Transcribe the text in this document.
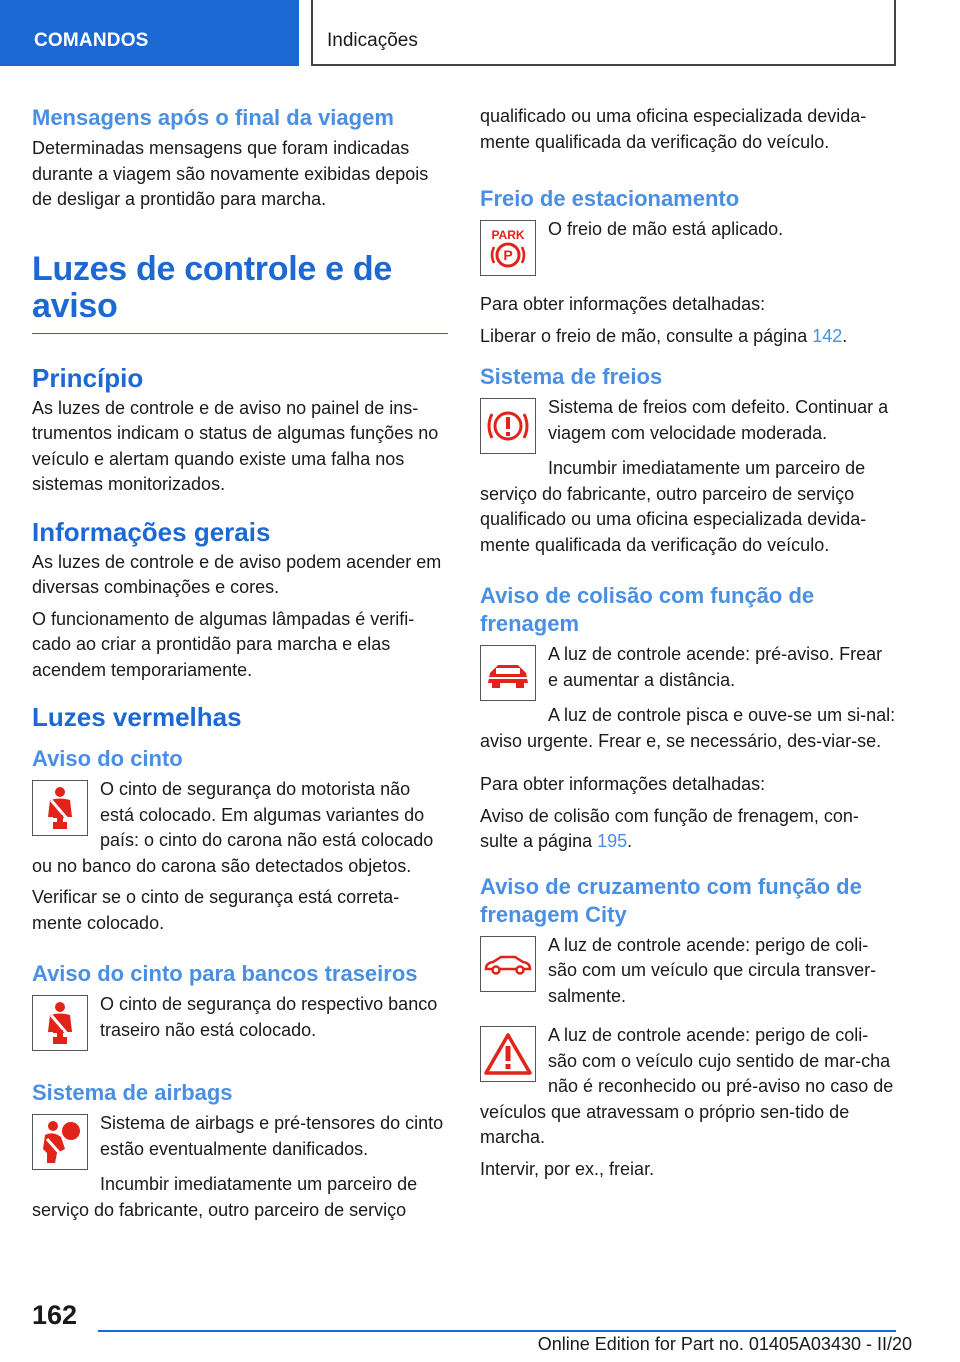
COMANDOS	Indicações
Mensagens após o final da viagem

Determinadas mensagens que foram indicadas durante a viagem são novamente exibidas depois de desligar a prontidão para marcha.

Luzes de controle e de aviso
Princípio

As luzes de controle e de aviso no painel de ins-trumentos indicam o status de algumas funções no veículo e alertam quando existe uma falha nos sistemas monitorizados.

Informações gerais

As luzes de controle e de aviso podem acender em diversas combinações e cores.

O funcionamento de algumas lâmpadas é verifi-cado ao criar a prontidão para marcha e elas acendem temporariamente.

Luzes vermelhas
Aviso do cinto

O cinto de segurança do motorista não está colocado. Em algumas variantes do país: o cinto do carona não está colocado ou no banco do carona são detectados objetos.

Verificar se o cinto de segurança está correta-mente colocado.

Aviso do cinto para bancos traseiros

O cinto de segurança do respectivo banco traseiro não está colocado.

Sistema de airbags

Sistema de airbags e pré-tensores do cinto estão eventualmente danificados.

Incumbir imediatamente um parceiro de serviço do fabricante, outro parceiro de serviço

qualificado ou uma oficina especializada devida-mente qualificada da verificação do veículo.

Freio de estacionamento
PARK
P

O freio de mão está aplicado.

Para obter informações detalhadas:

Liberar o freio de mão, consulte a página 142.

Sistema de freios

Sistema de freios com defeito. Continuar a viagem com velocidade moderada.

Incumbir imediatamente um parceiro de serviço do fabricante, outro parceiro de serviço qualificado ou uma oficina especializada devida-mente qualificada da verificação do veículo.

Aviso de colisão com função de frenagem

A luz de controle acende: pré-aviso. Frear e aumentar a distância.

A luz de controle pisca e ouve-se um si-nal: aviso urgente. Frear e, se necessário, des-viar-se.

Para obter informações detalhadas:

Aviso de colisão com função de frenagem, con-sulte a página 195.

Aviso de cruzamento com função de frenagem City

A luz de controle acende: perigo de coli-são com um veículo que circula transver-salmente.

A luz de controle acende: perigo de coli-são com o veículo cujo sentido de mar-cha não é reconhecido ou pré-aviso no caso de veículos que atravessam o próprio sen-tido de marcha.

Intervir, por ex., freiar.

162
Online Edition for Part no. 01405A03430 - II/20
